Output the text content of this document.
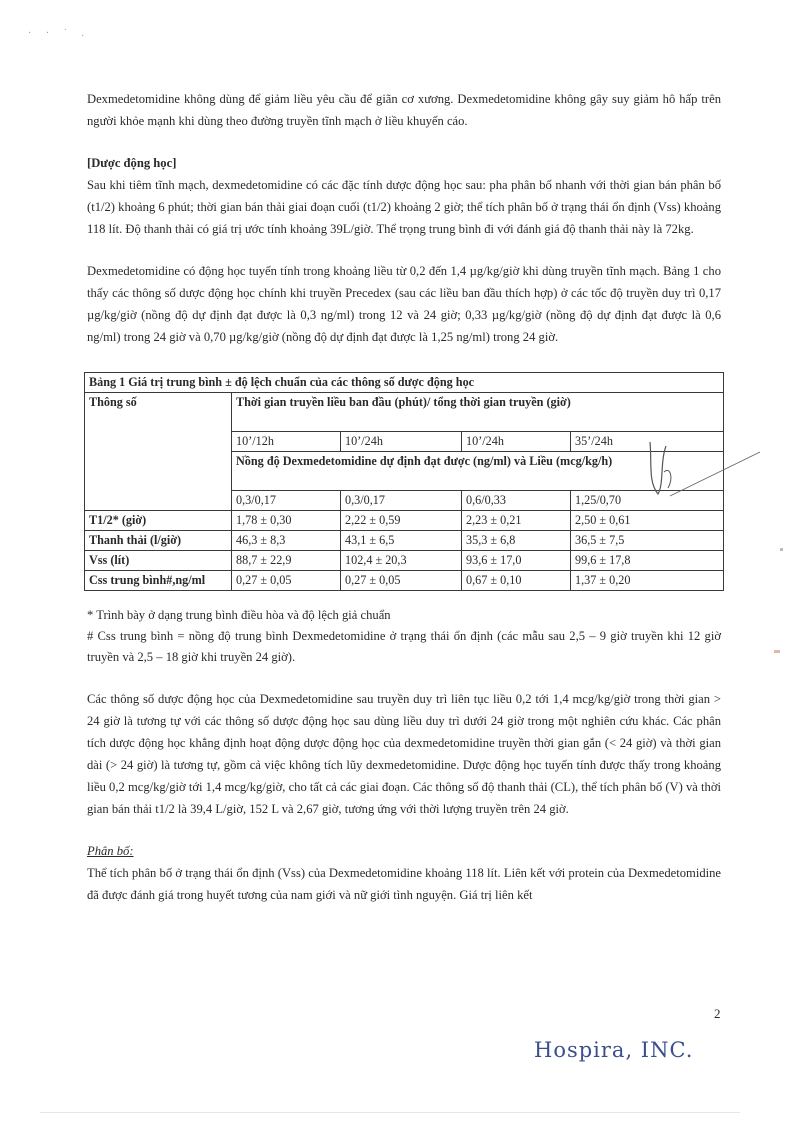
· · ˙ .

Dexmedetomidine không dùng để giảm liều yêu cầu để giãn cơ xương. Dexmedetomidine không gây suy giảm hô hấp trên người khỏe mạnh khi dùng theo đường truyền tĩnh mạch ở liều khuyến cáo.

[Dược động học]

Sau khi tiêm tĩnh mạch, dexmedetomidine có các đặc tính dược động học sau: pha phân bố nhanh với thời gian bán phân bố (t1/2) khoảng 6 phút; thời gian bán thải giai đoạn cuối (t1/2) khoảng 2 giờ; thể tích phân bố ở trạng thái ổn định (Vss) khoảng 118 lít. Độ thanh thải có giá trị ước tính khoảng 39L/giờ. Thể trọng trung bình đi với đánh giá độ thanh thải này là 72kg.

Dexmedetomidine có động học tuyến tính trong khoảng liều từ 0,2 đến 1,4 µg/kg/giờ khi dùng truyền tĩnh mạch. Bảng 1 cho thấy các thông số dược động học chính khi truyền Precedex (sau các liều ban đầu thích hợp) ở các tốc độ truyền duy trì 0,17 µg/kg/giờ (nồng độ dự định đạt được là 0,3 ng/ml) trong 12 và 24 giờ; 0,33 µg/kg/giờ (nồng độ dự định đạt được là 0,6 ng/ml) trong 24 giờ và 0,70 µg/kg/giờ (nồng độ dự định đạt được là 1,25 ng/ml) trong 24 giờ.

Bảng 1 Giá trị trung bình ± độ lệch chuẩn của các thông số dược động học				
Thông số	Thời gian truyền liều ban đầu (phút)/ tổng thời gian truyền (giờ)			
	10’/12h	10’/24h	10’/24h	35’/24h
	Nồng độ Dexmedetomidine dự định đạt được (ng/ml) và Liều (mcg/kg/h)			
	0,3/0,17	0,3/0,17	0,6/0,33	1,25/0,70
T1/2* (giờ)	1,78 ± 0,30	2,22 ± 0,59	2,23 ± 0,21	2,50 ± 0,61
Thanh thải (l/giờ)	46,3 ± 8,3	43,1 ± 6,5	35,3 ± 6,8	36,5 ± 7,5
Vss (lít)	88,7 ± 22,9	102,4 ± 20,3	93,6 ± 17,0	99,6 ± 17,8
Css trung bình#,ng/ml	0,27 ± 0,05	0,27 ± 0,05	0,67 ± 0,10	1,37 ± 0,20

* Trình bày ở dạng trung bình điều hòa và độ lệch giả chuẩn

# Css trung bình = nồng độ trung bình Dexmedetomidine ở trạng thái ổn định (các mẫu sau 2,5 – 9 giờ truyền khi 12 giờ truyền và 2,5 – 18 giờ khi truyền 24 giờ).

Các thông số dược động học của Dexmedetomidine sau truyền duy trì liên tục liều 0,2 tới 1,4 mcg/kg/giờ trong thời gian > 24 giờ là tương tự với các thông số dược động học sau dùng liều duy trì dưới 24 giờ trong một nghiên cứu khác. Các phân tích dược động học khẳng định hoạt động dược động học của dexmedetomidine truyền thời gian gắn (< 24 giờ) và thời gian dài (> 24 giờ) là tương tự, gồm cả việc không tích lũy dexmedetomidine. Dược động học tuyến tính được thấy trong khoảng liều 0,2 mcg/kg/giờ tới 1,4 mcg/kg/giờ, cho tất cả các giai đoạn. Các thông số độ thanh thải (CL), thể tích phân bố (V) và thời gian bán thải t1/2 là 39,4 L/giờ, 152 L và 2,67 giờ, tương ứng với thời lượng truyền trên 24 giờ.

Phân bố:

Thể tích phân bố ở trạng thái ổn định (Vss) của Dexmedetomidine khoảng 118 lít. Liên kết với protein của Dexmedetomidine đã được đánh giá trong huyết tương của nam giới và nữ giới tình nguyện. Giá trị liên kết

2
Hospira, INC.
